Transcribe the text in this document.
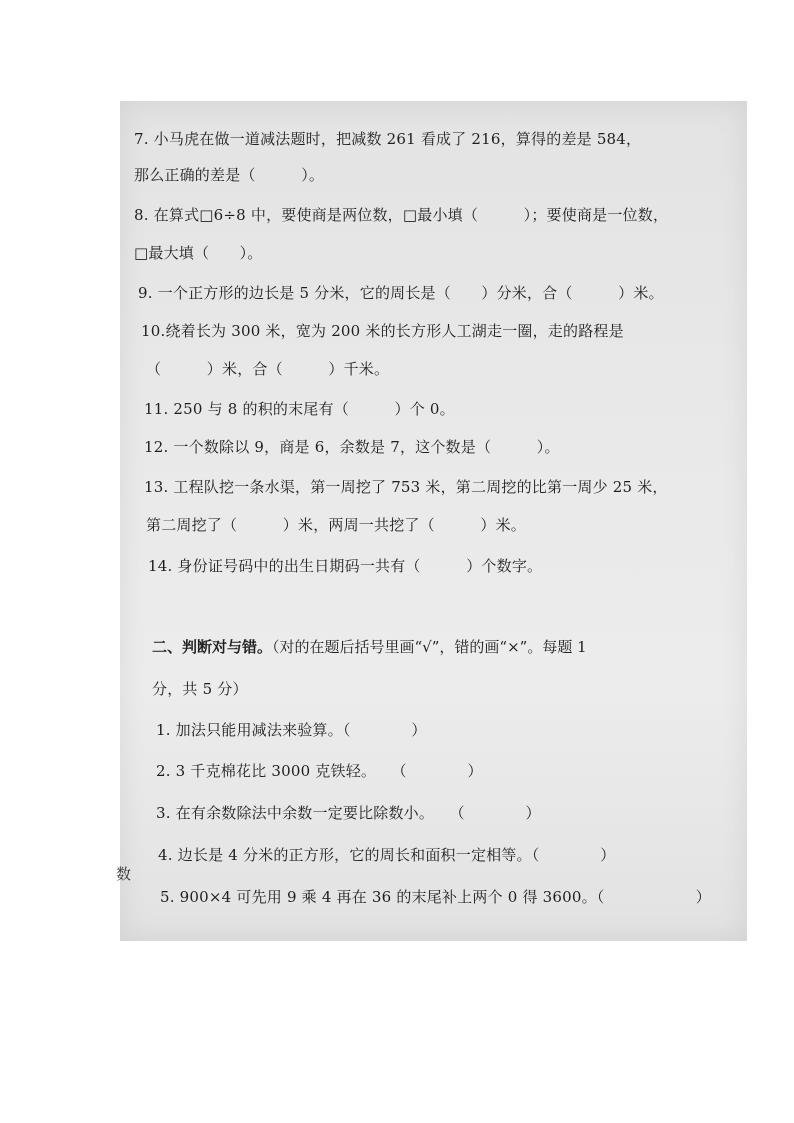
7. 小马虎在做一道减法题时，把减数 261 看成了 216，算得的差是 584，
那么正确的差是（　　　）。
8. 在算式□6÷8 中，要使商是两位数，□最小填（　　　）；要使商是一位数，
□最大填（　　）。
9. 一个正方形的边长是 5 分米，它的周长是（　　）分米，合（　　　）米。
10.绕着长为 300 米，宽为 200 米的长方形人工湖走一圈，走的路程是
（　　　）米，合（　　　）千米。
11. 250 与 8 的积的末尾有（　　　）个 0。
12. 一个数除以 9，商是 6，余数是 7，这个数是（　　　）。
13. 工程队挖一条水渠，第一周挖了 753 米，第二周挖的比第一周少 25 米，
第二周挖了（　　　）米，两周一共挖了（　　　）米。
14. 身份证号码中的出生日期码一共有（　　　）个数字。
二、判断对与错。（对的在题后括号里画“√”，错的画“×”。每题 1
分，共 5 分）
1. 加法只能用减法来验算。（　　　　）
2. 3 千克棉花比 3000 克铁轻。　　（　　　　）
3. 在有余数除法中余数一定要比除数小。　　（　　　　）
4. 边长是 4 分米的正方形，它的周长和面积一定相等。（　　　　）
5. 900×4 可先用 9 乘 4 再在 36 的末尾补上两个 0 得 3600。（　　　　　　）
数
